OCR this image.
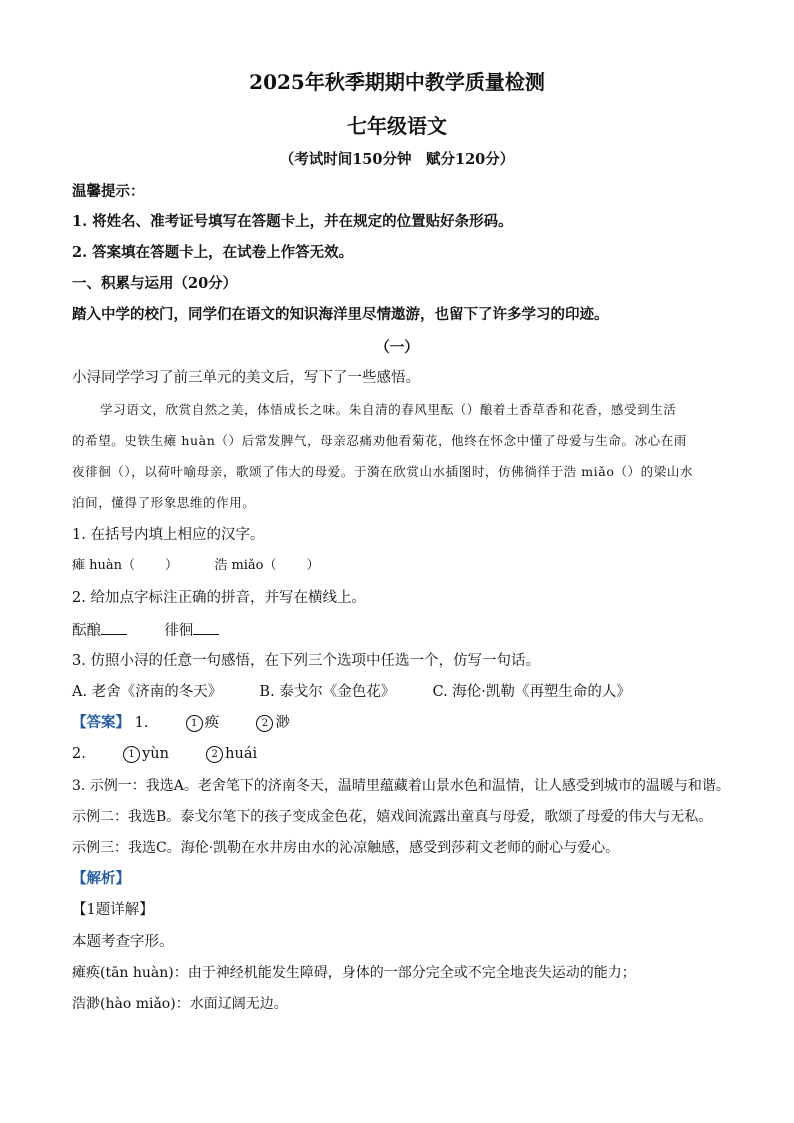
2025年秋季期期中教学质量检测
七年级语文
（考试时间150分钟　赋分120分）
温馨提示：
1. 将姓名、准考证号填写在答题卡上，并在规定的位置贴好条形码。
2. 答案填在答题卡上，在试卷上作答无效。
一、积累与运用（20分）
踏入中学的校门，同学们在语文的知识海洋里尽情遨游，也留下了许多学习的印迹。
（一）
小浔同学学习了前三单元的美文后，写下了一些感悟。
学习语文，欣赏自然之美，体悟成长之味。朱自清的春风里酝（）酿着土香草香和花香，感受到生活
的希望。史铁生瘫 huàn（）后常发脾气，母亲忍痛劝他看菊花，他终在怀念中懂了母爱与生命。冰心在雨
夜徘徊（），以荷叶喻母亲，歌颂了伟大的母爱。于漪在欣赏山水插图时，仿佛徜徉于浩 miǎo（）的梁山水
泊间，懂得了形象思维的作用。
1. 在括号内填上相应的汉字。
瘫 huàn（ ）	浩 miǎo（ ）
2. 给加点字标注正确的拼音，并写在横线上。
酝酿	徘徊
3. 仿照小浔的任意一句感悟，在下列三个选项中任选一个，仿写一句话。
A. 老舍《济南的冬天》	B. 泰戈尔《金色花》	C. 海伦·凯勒《再塑生命的人》
【答案】 1.	1 痪	2 渺
2.	1 yùn	2 huái
3. 示例一：我选A。老舍笔下的济南冬天，温晴里蕴藏着山景水色和温情，让人感受到城市的温暖与和谐。
示例二：我选B。泰戈尔笔下的孩子变成金色花，嬉戏间流露出童真与母爱，歌颂了母爱的伟大与无私。
示例三：我选C。海伦·凯勒在水井房由水的沁凉触感，感受到莎莉文老师的耐心与爱心。
【解析】
【1题详解】
本题考查字形。
瘫痪(tān huàn)：由于神经机能发生障碍，身体的一部分完全或不完全地丧失运动的能力；
浩渺(hào miǎo)：水面辽阔无边。
